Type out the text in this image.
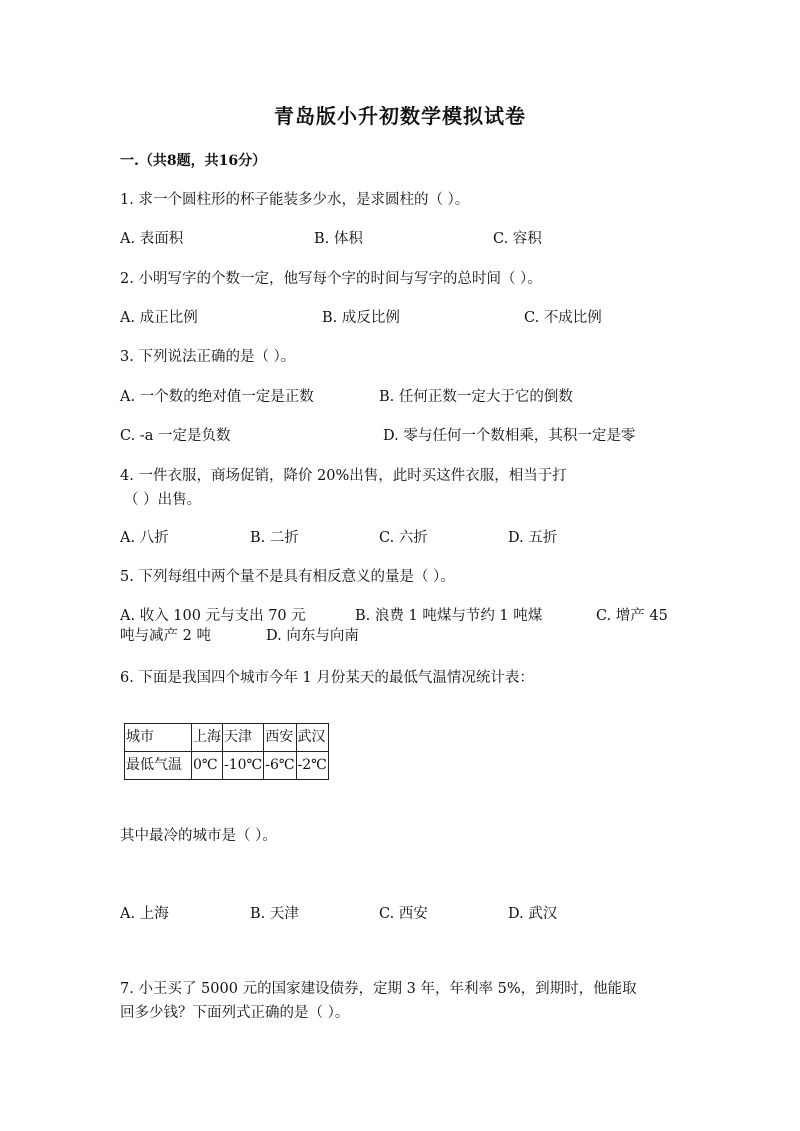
青岛版小升初数学模拟试卷
一.（共8题，共16分）
1. 求一个圆柱形的杯子能装多少水，是求圆柱的（ ）。
A. 表面积	B. 体积	C. 容积
2. 小明写字的个数一定，他写每个字的时间与写字的总时间（ ）。
A. 成正比例	B. 成反比例	C. 不成比例
3. 下列说法正确的是（ ）。
A. 一个数的绝对值一定是正数	B. 任何正数一定大于它的倒数
C. -a 一定是负数	D. 零与任何一个数相乘，其积一定是零
4. 一件衣服，商场促销，降价 20%出售，此时买这件衣服，相当于打
（ ）出售。
A. 八折	B. 二折	C. 六折	D. 五折
5. 下列每组中两个量不是具有相反意义的量是（ ）。
A. 收入 100 元与支出 70 元	B. 浪费 1 吨煤与节约 1 吨煤	C. 增产 45
吨与减产 2 吨	D. 向东与向南
6. 下面是我国四个城市今年 1 月份某天的最低气温情况统计表：
城市	上海	天津	西安	武汉
最低气温	0℃	-10℃	-6℃	-2℃
其中最冷的城市是（ ）。
A. 上海	B. 天津	C. 西安	D. 武汉
7. 小王买了 5000 元的国家建设债券，定期 3 年，年利率 5%，到期时，他能取
回多少钱？下面列式正确的是（ ）。
